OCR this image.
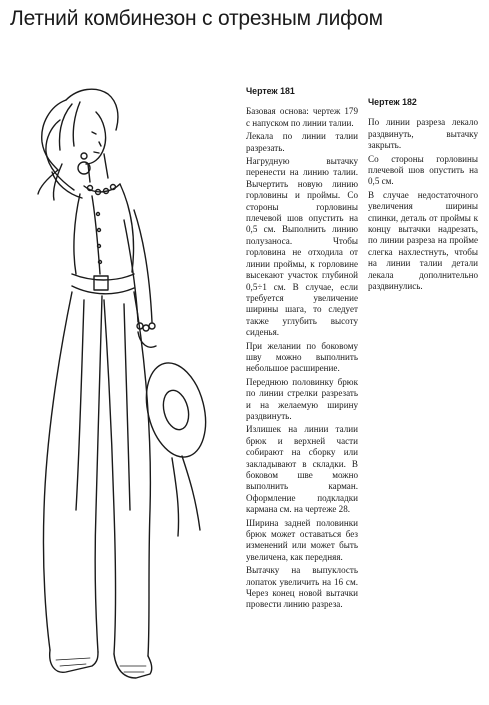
Летний комбинезон с отрезным лифом
Чертеж 181

Базовая основа: чертеж 179 с напуском по линии талии.

Лекала по линии талии разрезать.

Нагрудную вытачку перенести на линию талии. Вычертить новую линию горловины и проймы. Со стороны горловины плечевой шов опустить на 0,5 см. Выполнить линию полузаноса. Чтобы горловина не отходила от линии проймы, к горловине высекают участок глубиной 0,5÷1 см. В случае, если требуется увеличение ширины шага, то следует также углубить высоту сиденья.

При желании по боковому шву можно выполнить небольшое расширение.

Переднюю половинку брюк по линии стрелки разрезать и на желаемую ширину раздвинуть.

Излишек на линии талии брюк и верхней части собирают на сборку или закладывают в складки. В боковом шве можно выполнить карман. Оформление подкладки кармана см. на чертеже 28.

Ширина задней половинки брюк может оставаться без изменений или может быть увеличена, как передняя.

Вытачку на выпуклость лопаток увеличить на 16 см. Через конец новой вытачки провести линию разреза.

Чертеж 182

По линии разреза лекало раздвинуть, вытачку закрыть.

Со стороны горловины плечевой шов опустить на 0,5 см.

В случае недостаточного увеличения ширины спинки, деталь от проймы к концу вытачки надрезать, по линии разреза на пройме слегка нахлестнуть, чтобы на линии талии детали лекала дополнительно раздвинулись.
